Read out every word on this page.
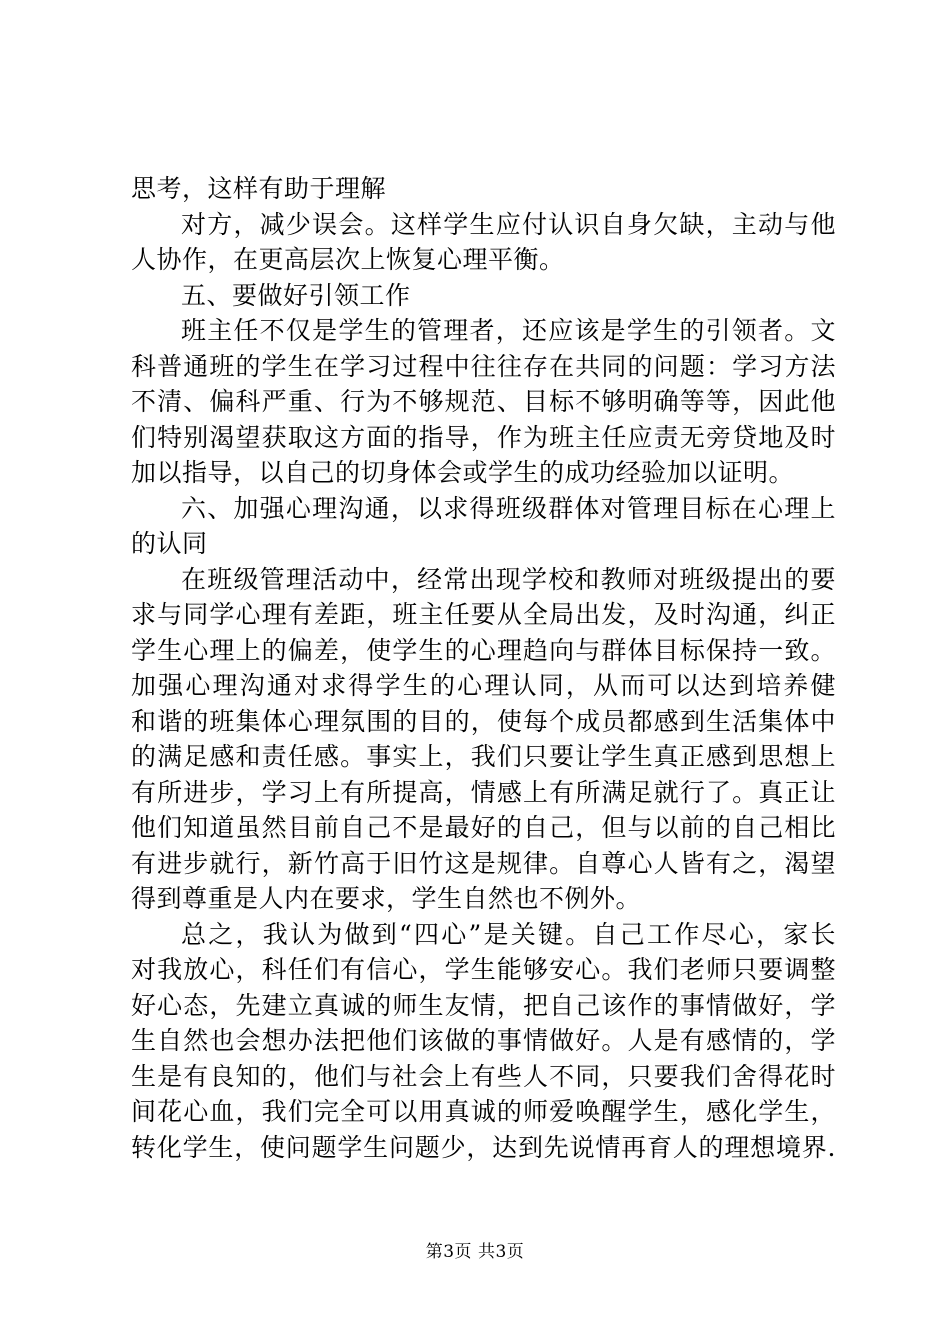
思考，这样有助于理解
对方，减少误会。这样学生应付认识自身欠缺，主动与他
人协作，在更高层次上恢复心理平衡。
五、要做好引领工作
班主任不仅是学生的管理者，还应该是学生的引领者。文
科普通班的学生在学习过程中往往存在共同的问题：学习方法
不清、偏科严重、行为不够规范、目标不够明确等等，因此他
们特别渴望获取这方面的指导，作为班主任应责无旁贷地及时
加以指导，以自己的切身体会或学生的成功经验加以证明。
六、加强心理沟通，以求得班级群体对管理目标在心理上
的认同
在班级管理活动中，经常出现学校和教师对班级提出的要
求与同学心理有差距，班主任要从全局出发，及时沟通，纠正
学生心理上的偏差，使学生的心理趋向与群体目标保持一致。
加强心理沟通对求得学生的心理认同，从而可以达到培养健
和谐的班集体心理氛围的目的，使每个成员都感到生活集体中
的满足感和责任感。事实上，我们只要让学生真正感到思想上
有所进步，学习上有所提高，情感上有所满足就行了。真正让
他们知道虽然目前自己不是最好的自己，但与以前的自己相比
有进步就行，新竹高于旧竹这是规律。自尊心人皆有之，渴望
得到尊重是人内在要求，学生自然也不例外。
总之，我认为做到“四心”是关键。自己工作尽心，家长
对我放心，科任们有信心，学生能够安心。我们老师只要调整
好心态，先建立真诚的师生友情，把自己该作的事情做好，学
生自然也会想办法把他们该做的事情做好。人是有感情的，学
生是有良知的，他们与社会上有些人不同，只要我们舍得花时
间花心血，我们完全可以用真诚的师爱唤醒学生，感化学生，
转化学生，使问题学生问题少，达到先说情再育人的理想境界.
第3页 共3页
